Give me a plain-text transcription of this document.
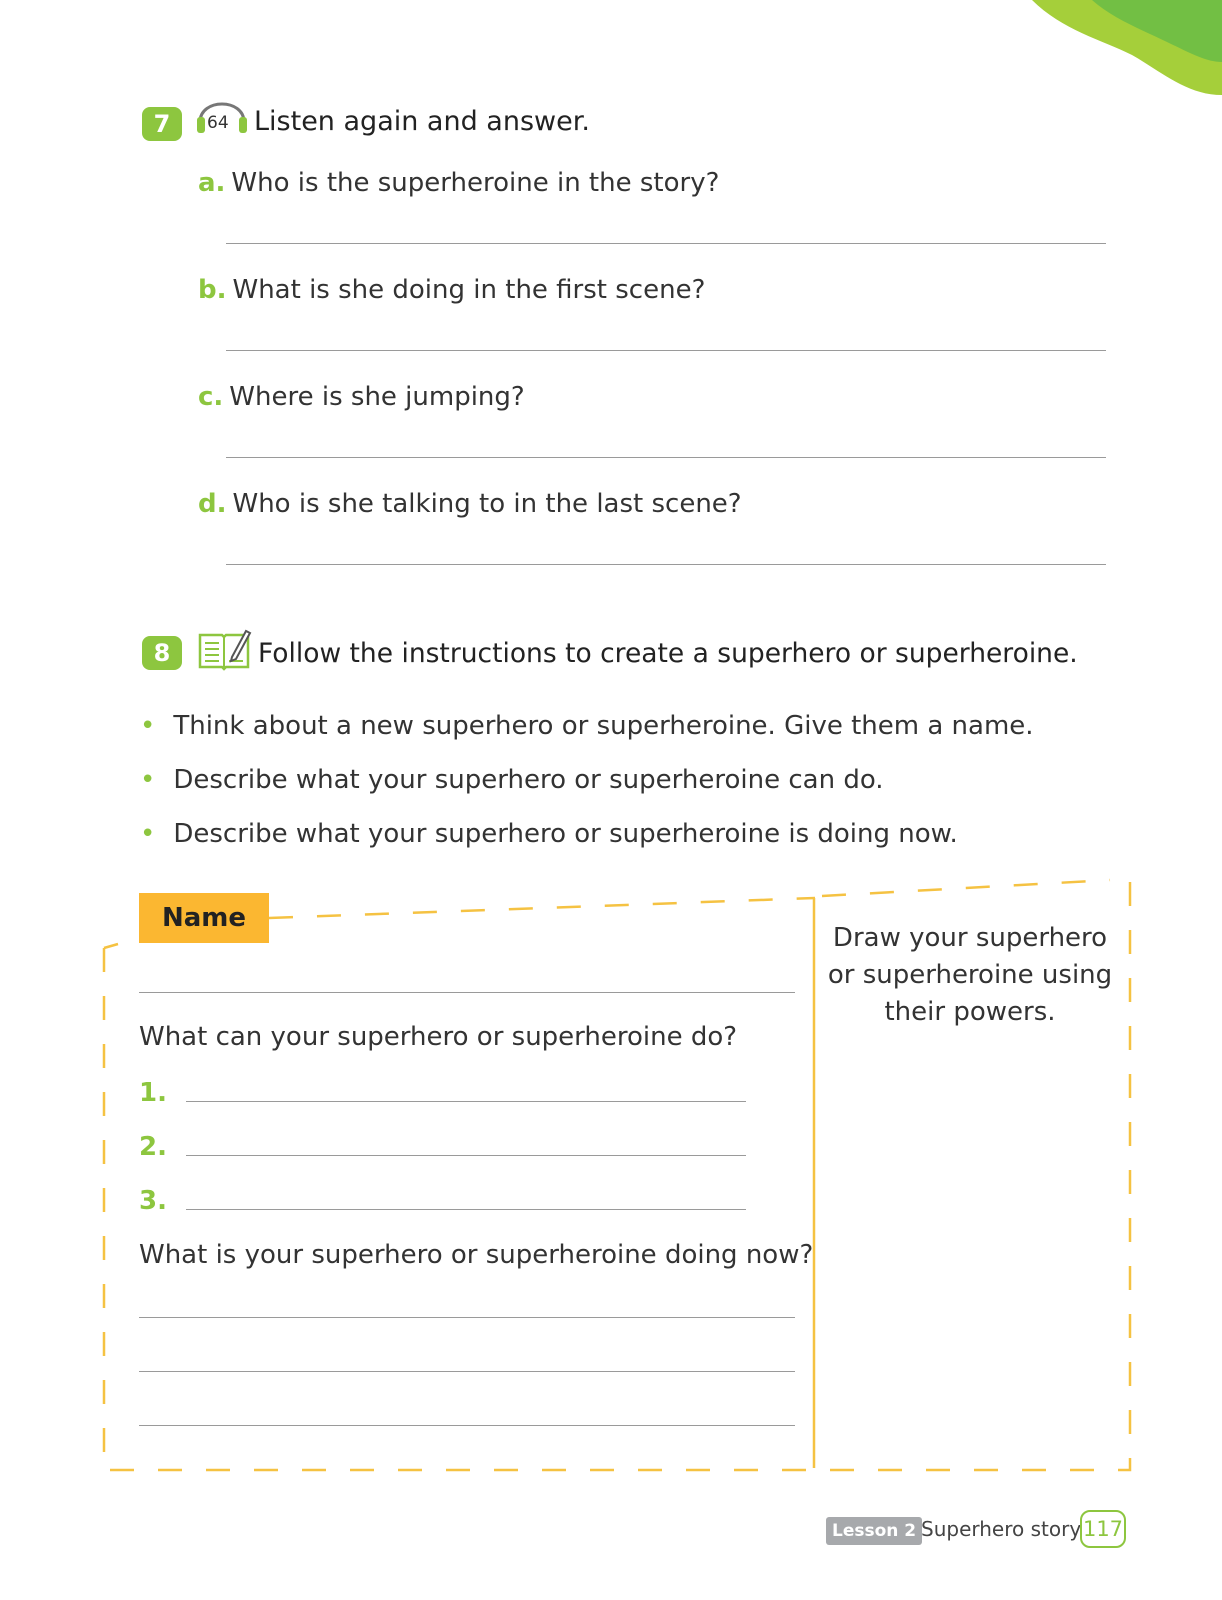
7	64 Listen again and answer.
a. Who is the superheroine in the story?
b. What is she doing in the first scene?
c. Where is she jumping?
d. Who is she talking to in the last scene?
8	Follow the instructions to create a superhero or superheroine.
• Think about a new superhero or superheroine. Give them a name.
• Describe what your superhero or superheroine can do.
• Describe what your superhero or superheroine is doing now.
Name
What can your superhero or superheroine do?
1.
2.
3.
What is your superhero or superheroine doing now?
Draw your superhero or superheroine using their powers.
Lesson 2 Superhero story 117
